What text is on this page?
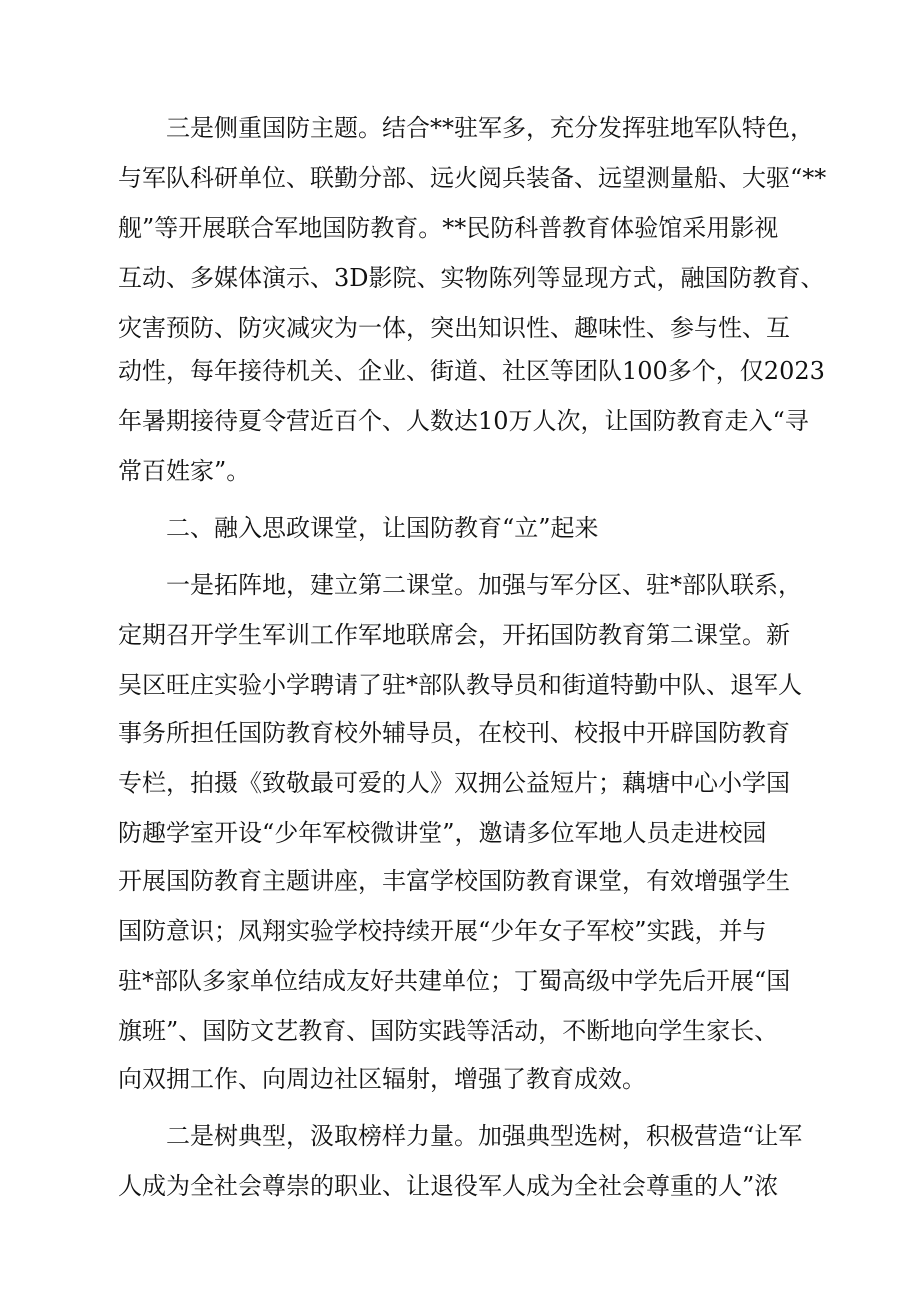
三是侧重国防主题。结合**驻军多，充分发挥驻地军队特色，
与军队科研单位、联勤分部、远火阅兵装备、远望测量船、大驱“**
舰”等开展联合军地国防教育。**民防科普教育体验馆采用影视
互动、多媒体演示、3D影院、实物陈列等显现方式，融国防教育、
灾害预防、防灾减灾为一体，突出知识性、趣味性、参与性、互
动性，每年接待机关、企业、街道、社区等团队100多个，仅2023
年暑期接待夏令营近百个、人数达10万人次，让国防教育走入“寻
常百姓家”。
二、融入思政课堂，让国防教育“立”起来
一是拓阵地，建立第二课堂。加强与军分区、驻*部队联系，
定期召开学生军训工作军地联席会，开拓国防教育第二课堂。新
吴区旺庄实验小学聘请了驻*部队教导员和街道特勤中队、退军人
事务所担任国防教育校外辅导员，在校刊、校报中开辟国防教育
专栏，拍摄《致敬最可爱的人》双拥公益短片；藕塘中心小学国
防趣学室开设“少年军校微讲堂”，邀请多位军地人员走进校园
开展国防教育主题讲座，丰富学校国防教育课堂，有效增强学生
国防意识；凤翔实验学校持续开展“少年女子军校”实践，并与
驻*部队多家单位结成友好共建单位；丁蜀高级中学先后开展“国
旗班”、国防文艺教育、国防实践等活动，不断地向学生家长、
向双拥工作、向周边社区辐射，增强了教育成效。
二是树典型，汲取榜样力量。加强典型选树，积极营造“让军
人成为全社会尊崇的职业、让退役军人成为全社会尊重的人”浓
